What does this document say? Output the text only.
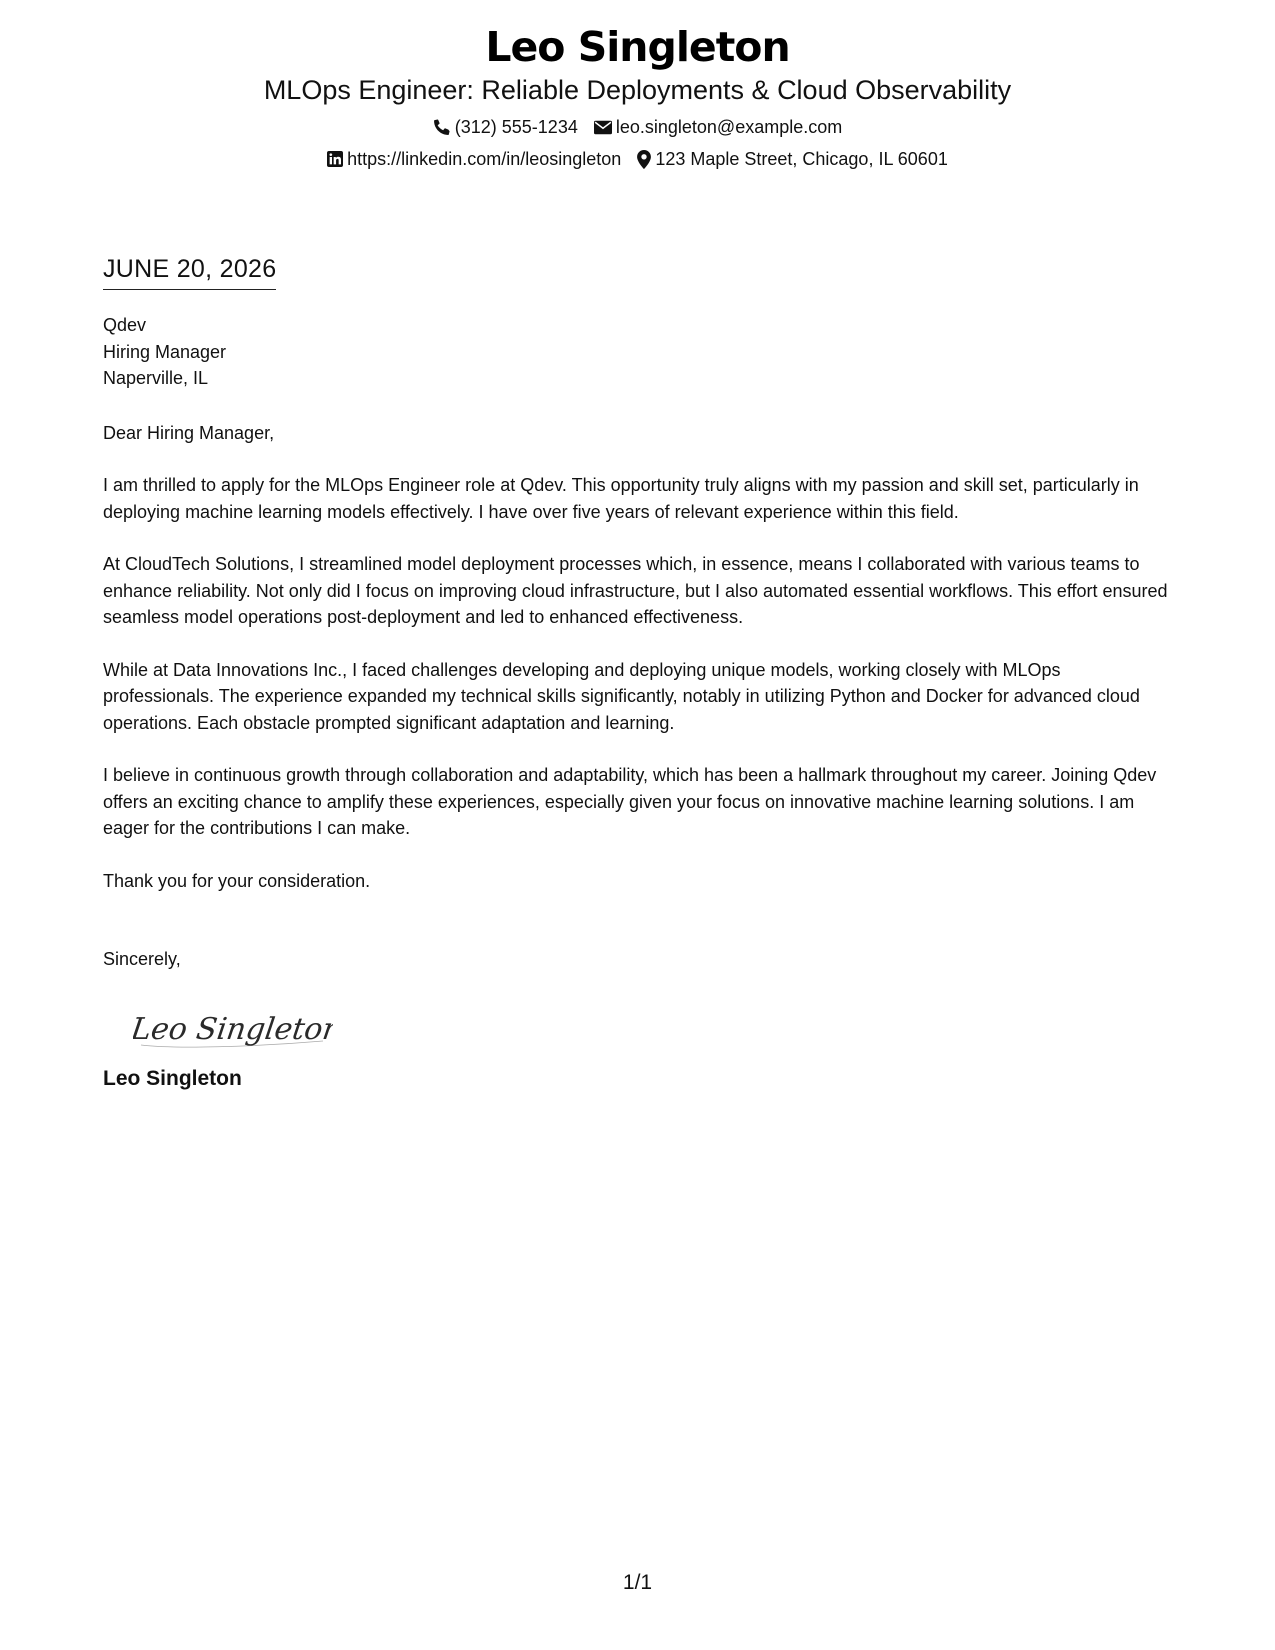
Leo Singleton
MLOps Engineer: Reliable Deployments & Cloud Observability
(312) 555-1234 leo.singleton@example.com
https://linkedin.com/in/leosingleton 123 Maple Street, Chicago, IL 60601
JUNE 20, 2026
Qdev
Hiring Manager
Naperville, IL
Dear Hiring Manager,
I am thrilled to apply for the MLOps Engineer role at Qdev. This opportunity truly aligns with my passion and skill set, particularly in deploying machine learning models effectively. I have over five years of relevant experience within this field.
At CloudTech Solutions, I streamlined model deployment processes which, in essence, means I collaborated with various teams to enhance reliability. Not only did I focus on improving cloud infrastructure, but I also automated essential workflows. This effort ensured seamless model operations post-deployment and led to enhanced effectiveness.
While at Data Innovations Inc., I faced challenges developing and deploying unique models, working closely with MLOps professionals. The experience expanded my technical skills significantly, notably in utilizing Python and Docker for advanced cloud operations. Each obstacle prompted significant adaptation and learning.
I believe in continuous growth through collaboration and adaptability, which has been a hallmark throughout my career. Joining Qdev offers an exciting chance to amplify these experiences, especially given your focus on innovative machine learning solutions. I am eager for the contributions I can make.
Thank you for your consideration.
Sincerely,
Leo Singleton
Leo Singleton
1/1
